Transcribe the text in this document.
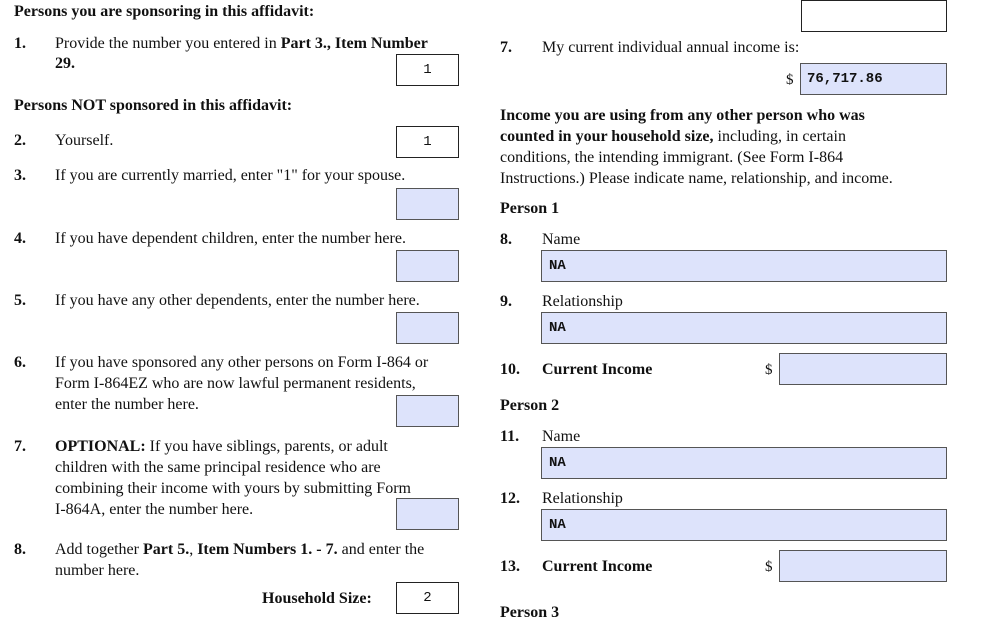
Persons you are sponsoring in this affidavit:
1. Provide the number you entered in Part 3., Item Number
29.	1
Persons NOT sponsored in this affidavit:
2. Yourself.	1
3. If you are currently married, enter "1" for your spouse.
4. If you have dependent children, enter the number here.
5. If you have any other dependents, enter the number here.
6. If you have sponsored any other persons on Form I-864 or
Form I-864EZ who are now lawful permanent residents,
enter the number here.
7. OPTIONAL: If you have siblings, parents, or adult
children with the same principal residence who are
combining their income with yours by submitting Form
I-864A, enter the number here.
8. Add together Part 5., Item Numbers 1. - 7. and enter the
number here.
Household Size:	2
7. My current individual annual income is:
$ 76,717.86
Income you are using from any other person who was
counted in your household size, including, in certain
conditions, the intending immigrant. (See Form I-864
Instructions.) Please indicate name, relationship, and income.
Person 1
8. Name
NA
9. Relationship
NA
10. Current Income	$
Person 2
11. Name
NA
12. Relationship
NA
13. Current Income	$
Person 3
